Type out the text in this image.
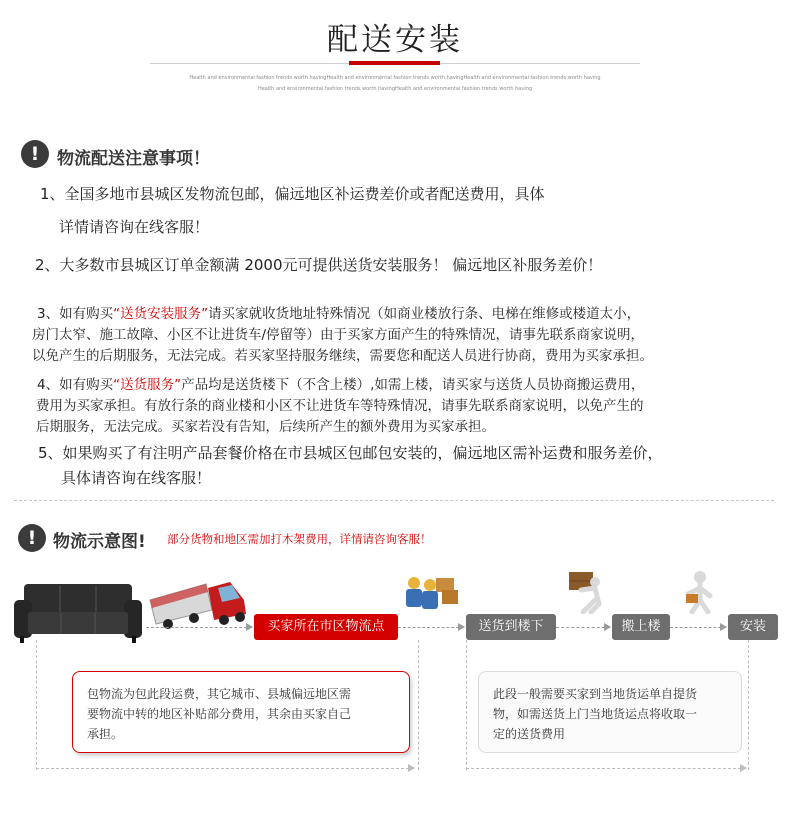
配送安装
Health and environmental fashion trends worth havingHealth and environmental fashion trends worth havingHealth and environmental fashion trends worth having
Health and environmental fashion trends worth havingHealth and environmental fashion trends worth having
!	物流配送注意事项！
1、全国多地市县城区发物流包邮，偏远地区补运费差价或者配送费用，具体
详情请咨询在线客服！
2、大多数市县城区订单金额满 2000元可提供送货安装服务！ 偏远地区补服务差价！
3、如有购买“送货安装服务”请买家就收货地址特殊情况（如商业楼放行条、电梯在维修或楼道太小，
房门太窄、施工故障、小区不让进货车/停留等）由于买家方面产生的特殊情况，请事先联系商家说明，
以免产生的后期服务，无法完成。若买家坚持服务继续，需要您和配送人员进行协商，费用为买家承担。
4、如有购买“送货服务”产品均是送货楼下（不含上楼）,如需上楼，请买家与送货人员协商搬运费用，
费用为买家承担。有放行条的商业楼和小区不让进货车等特殊情况，请事先联系商家说明，以免产生的
后期服务，无法完成。买家若没有告知，后续所产生的额外费用为买家承担。
5、如果购买了有注明产品套餐价格在市县城区包邮包安装的，偏远地区需补运费和服务差价，
具体请咨询在线客服！
! 物流示意图! 部分货物和地区需加打木架费用，详情请咨询客服！
买家所在市区物流点	送货到楼下	搬上楼	安装
包物流为包此段运费，其它城市、县城偏远地区需
要物流中转的地区补贴部分费用，其余由买家自己
承担。
此段一般需要买家到当地货运单自提货
物，如需送货上门当地货运点将收取一
定的送货费用
